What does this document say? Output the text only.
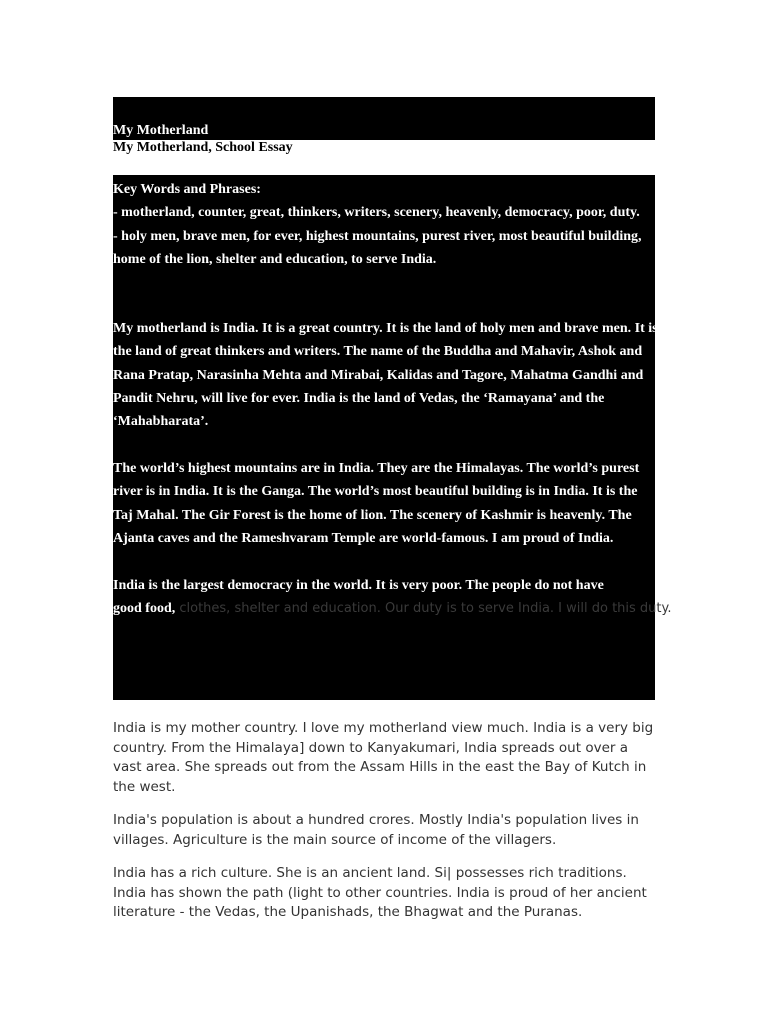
My Motherland
My Motherland, School Essay
Key Words and Phrases:
- motherland, counter, great, thinkers, writers, scenery, heavenly, democracy, poor, duty.
- holy men, brave men, for ever, highest mountains, purest river, most beautiful building,
home of the lion, shelter and education, to serve India.
My motherland is India. It is a great country. It is the land of holy men and brave men. It is
the land of great thinkers and writers. The name of the Buddha and Mahavir, Ashok and
Rana Pratap, Narasinha Mehta and Mirabai, Kalidas and Tagore, Mahatma Gandhi and
Pandit Nehru, will live for ever. India is the land of Vedas, the ‘Ramayana’ and the
‘Mahabharata’.
The world’s highest mountains are in India. They are the Himalayas. The world’s purest
river is in India. It is the Ganga. The world’s most beautiful building is in India. It is the
Taj Mahal. The Gir Forest is the home of lion. The scenery of Kashmir is heavenly. The
Ajanta caves and the Rameshvaram Temple are world-famous. I am proud of India.
India is the largest democracy in the world. It is very poor. The people do not have
good food, clothes, shelter and education. Our duty is to serve India. I will do this duty.
India is my mother country. I love my motherland view much. India is a very big
country. From the Himalaya] down to Kanyakumari, India spreads out over a
vast area. She spreads out from the Assam Hills in the east the Bay of Kutch in
the west.
India's population is about a hundred crores. Mostly India's population lives in
villages. Agriculture is the main source of income of the villagers.
India has a rich culture. She is an ancient land. Si| possesses rich traditions.
India has shown the path (light to other countries. India is proud of her ancient
literature - the Vedas, the Upanishads, the Bhagwat and the Puranas.
